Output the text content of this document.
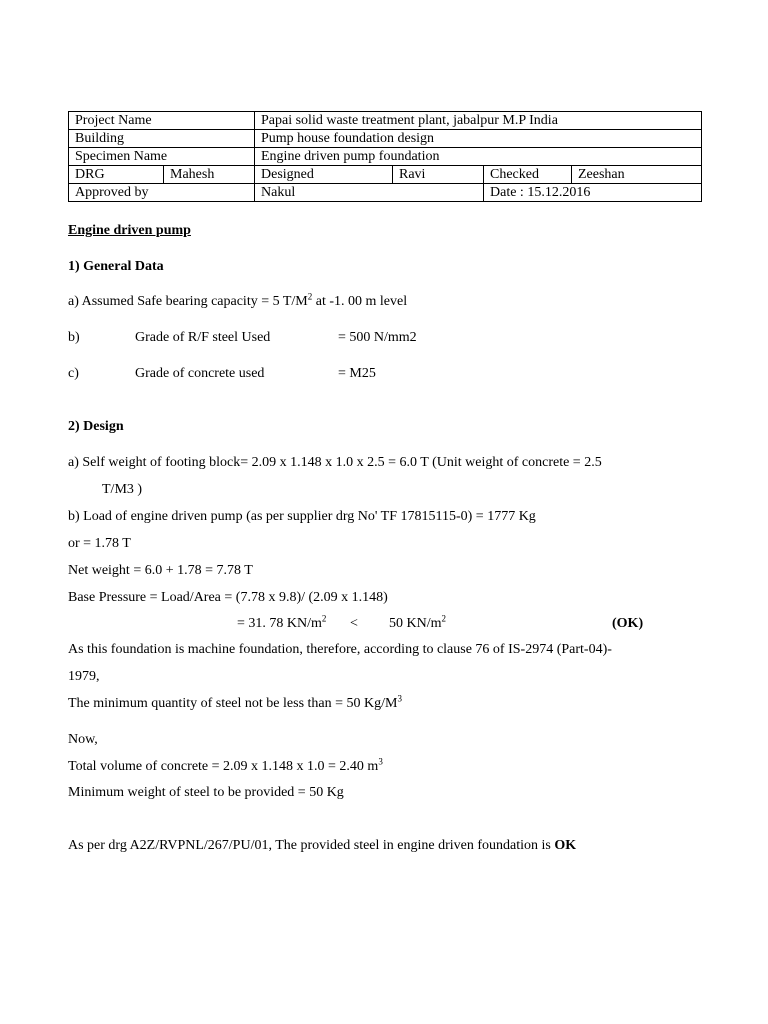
Project Name		Papai solid waste treatment plant, jabalpur M.P India			
Building		Pump house foundation design			
Specimen Name		Engine driven pump foundation			
DRG	Mahesh	Designed	Ravi	Checked	Zeeshan
Approved by		Nakul		Date : 15.12.2016	
Engine driven pump
1) General Data
a) Assumed Safe bearing capacity = 5 $T/M^2$ at -1. 00 m level
b)	Grade of R/F steel Used	= 500 N/mm2
c)	Grade of concrete used	= M25
2) Design
a) Self weight of footing block= 2.09 x 1.148 x 1.0 x 2.5 = 6.0 T (Unit weight of concrete = 2.5
T/M3 )
b) Load of engine driven pump (as per supplier drg No' TF 17815115-0) = 1777 Kg
or = 1.78 T
Net weight = 6.0 + 1.78 = 7.78 T
Base Pressure = Load/Area = (7.78 x 9.8)/ (2.09 x 1.148)
= 31. 78 $KN/m^2 < 50$ $KN/m^2$	(OK)
As this foundation is machine foundation, therefore, according to clause 76 of IS-2974 (Part-04)-
1979,
The minimum quantity of steel not be less than = 50 $Kg/M^3$
Now,
Total volume of concrete = 2.09 x 1.148 x 1.0 = 2.40 $m^3$
Minimum weight of steel to be provided = 50 Kg
As per drg A2Z/RVPNL/267/PU/01, The provided steel in engine driven foundation is OK
